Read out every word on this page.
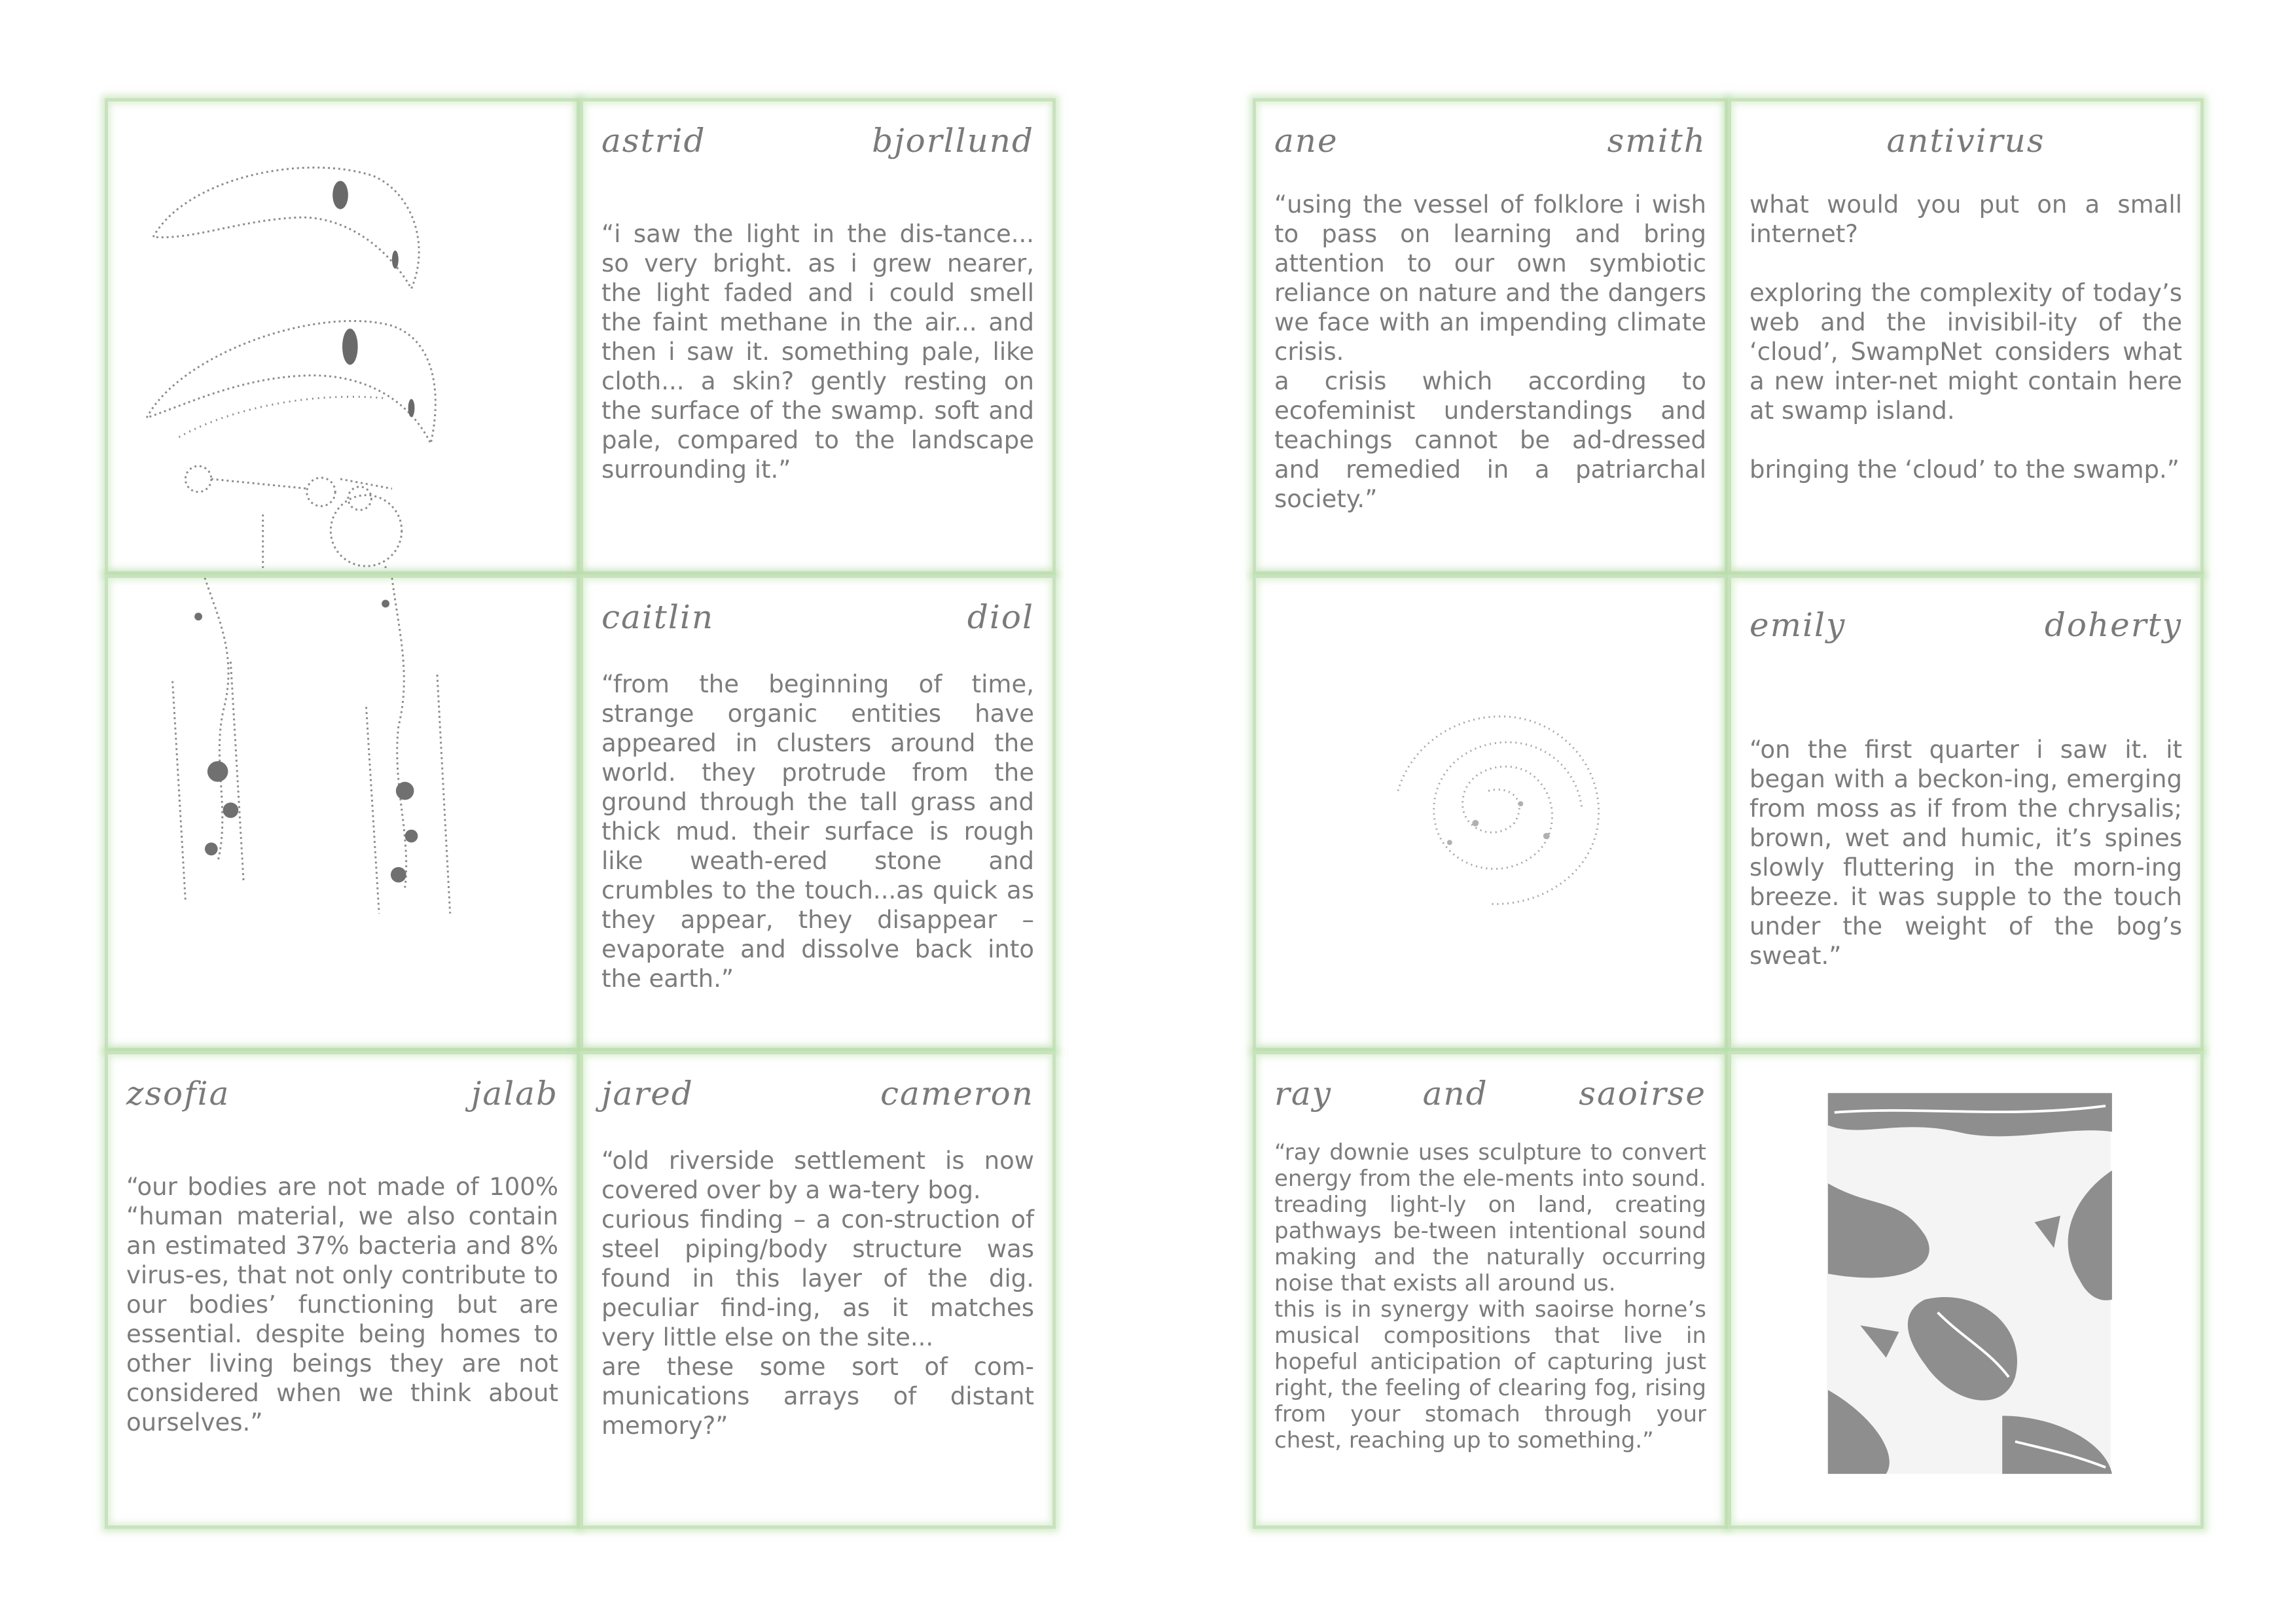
astrid	bjorllund

“i saw the light in the dis-tance... so very bright. as i grew nearer, the light faded and i could smell the faint methane in the air... and then i saw it. something pale, like cloth... a skin? gently resting on the surface of the swamp. soft and pale, compared to the landscape surrounding it.”

caitlin	diol

“from the beginning of time, strange organic entities have appeared in clusters around the world. they protrude from the ground through the tall grass and thick mud. their surface is rough like weath-ered stone and crumbles to the touch...as quick as they appear, they disappear – evaporate and dissolve back into the earth.”

zsofia	jalab

“our bodies are not made of 100% “human material, we also contain an estimated 37% bacteria and 8% virus-es, that not only contribute to our bodies’ functioning but are essential. despite being homes to other living beings they are not considered when we think about ourselves.”

jared	cameron

“old riverside settlement is now covered over by a wa-tery bog.

curious finding – a con-struction of steel piping/body structure was found in this layer of the dig. peculiar find-ing, as it matches very little else on the site...

are these some sort of com-munications arrays of distant memory?”

ane	smith

“using the vessel of folklore i wish to pass on learning and bring attention to our own symbiotic reliance on nature and the dangers we face with an impending climate crisis.

a crisis which according to ecofeminist understandings and teachings cannot be ad-dressed and remedied in a patriarchal society.”

antivirus

what would you put on a small internet?

exploring the complexity of today’s web and the invisibil-ity of the ‘cloud’, SwampNet considers what a new inter-net might contain here at swamp island.

bringing the ‘cloud’ to the swamp.”

emily	doherty

“on the first quarter i saw it. it began with a beckon-ing, emerging from moss as if from the chrysalis; brown, wet and humic, it’s spines slowly fluttering in the morn-ing breeze. it was supple to the touch under the weight of the bog’s sweat.”

ray	and	saoirse

“ray downie uses sculpture to convert energy from the ele-ments into sound. treading light-ly on land, creating pathways be-tween intentional sound making and the naturally occurring noise that exists all around us.

this is in synergy with saoirse horne’s musical compositions that live in hopeful anticipation of capturing just right, the feeling of clearing fog, rising from your stomach through your chest, reaching up to something.”
